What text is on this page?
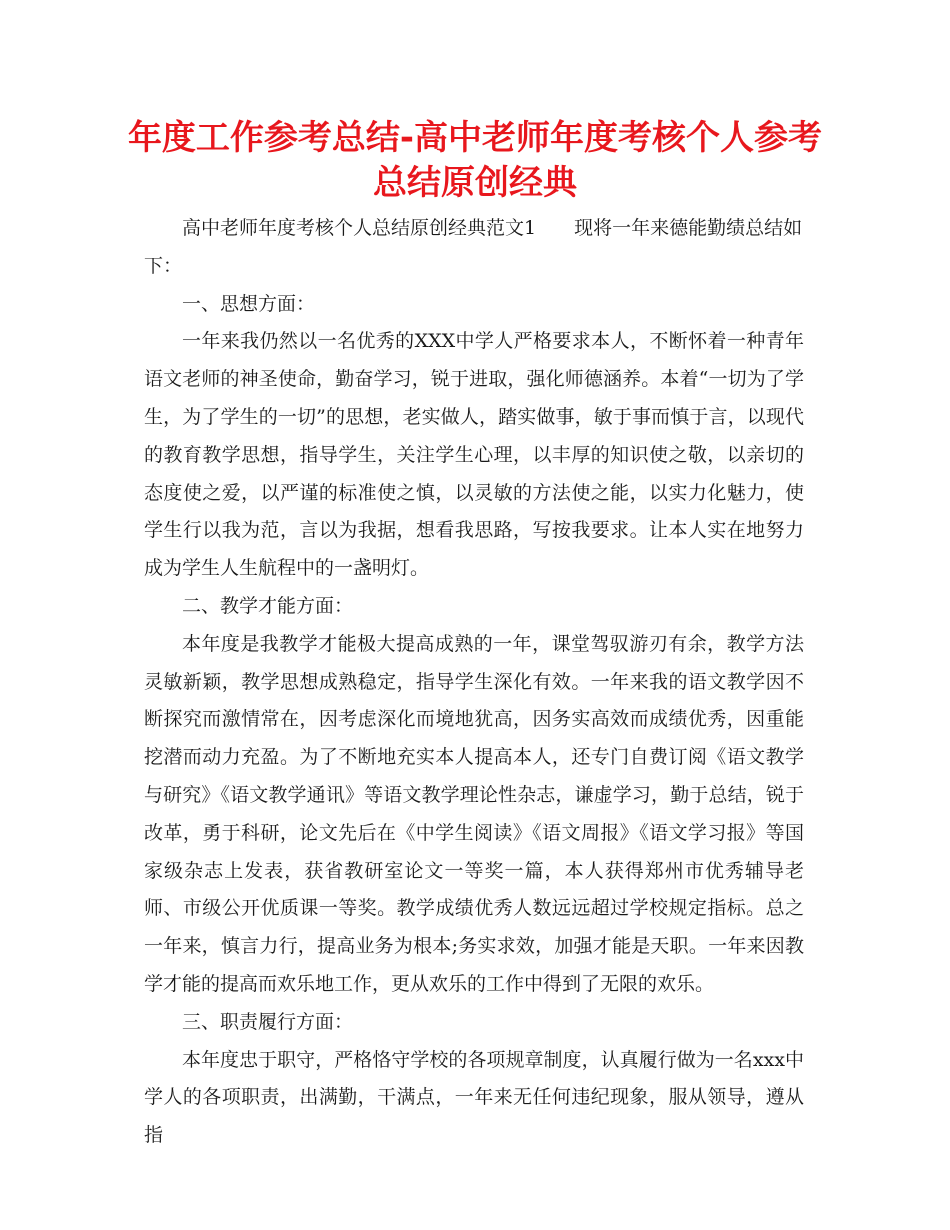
年度工作参考总结-高中老师年度考核个人参考总结原创经典

高中老师年度考核个人总结原创经典范文1 现将一年来德能勤绩总结如下：

一、思想方面：

一年来我仍然以一名优秀的XXX中学人严格要求本人，不断怀着一种青年语文老师的神圣使命，勤奋学习，锐于进取，强化师德涵养。本着“一切为了学生，为了学生的一切”的思想，老实做人，踏实做事，敏于事而慎于言，以现代的教育教学思想，指导学生，关注学生心理，以丰厚的知识使之敬，以亲切的态度使之爱，以严谨的标准使之慎，以灵敏的方法使之能，以实力化魅力，使学生行以我为范，言以为我据，想看我思路，写按我要求。让本人实在地努力成为学生人生航程中的一盏明灯。

二、教学才能方面：

本年度是我教学才能极大提高成熟的一年，课堂驾驭游刃有余，教学方法灵敏新颖，教学思想成熟稳定，指导学生深化有效。一年来我的语文教学因不断探究而激情常在，因考虑深化而境地犹高，因务实高效而成绩优秀，因重能挖潜而动力充盈。为了不断地充实本人提高本人，还专门自费订阅《语文教学与研究》《语文教学通讯》等语文教学理论性杂志，谦虚学习，勤于总结，锐于改革，勇于科研，论文先后在《中学生阅读》《语文周报》《语文学习报》等国家级杂志上发表，获省教研室论文一等奖一篇，本人获得郑州市优秀辅导老师、市级公开优质课一等奖。教学成绩优秀人数远远超过学校规定指标。总之一年来，慎言力行，提高业务为根本;务实求效，加强才能是天职。一年来因教学才能的提高而欢乐地工作，更从欢乐的工作中得到了无限的欢乐。

三、职责履行方面：

本年度忠于职守，严格恪守学校的各项规章制度，认真履行做为一名xxx中学人的各项职责，出满勤，干满点，一年来无任何违纪现象，服从领导，遵从指
